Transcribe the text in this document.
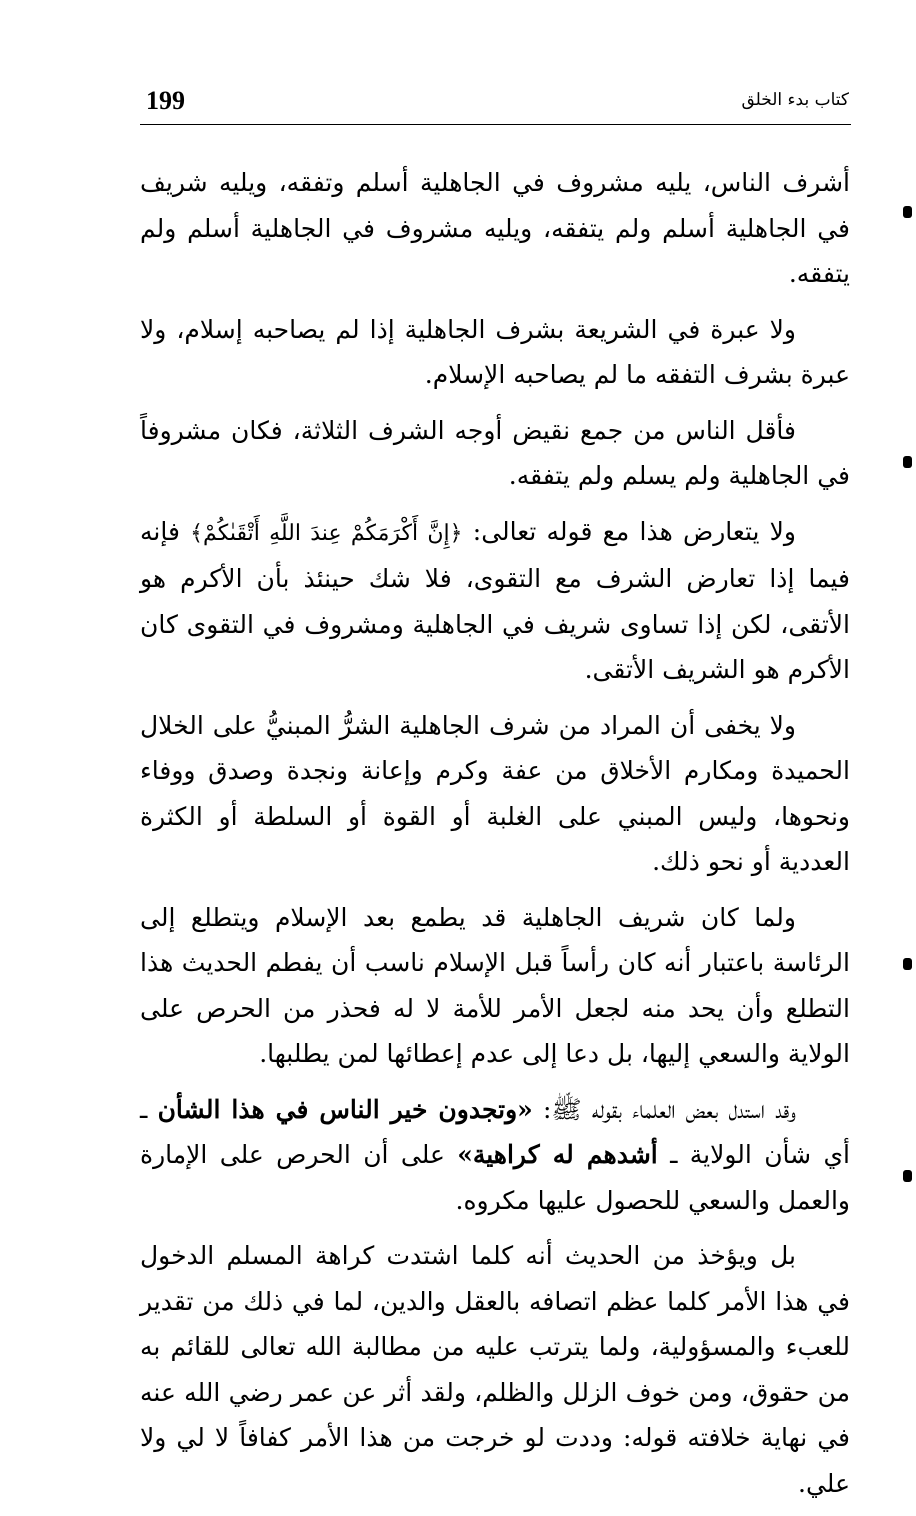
199	كتاب بدء الخلق

أشرف الناس، يليه مشروف في الجاهلية أسلم وتفقه، ويليه شريف في الجاهلية أسلم ولم يتفقه، ويليه مشروف في الجاهلية أسلم ولم يتفقه.

ولا عبرة في الشريعة بشرف الجاهلية إذا لم يصاحبه إسلام، ولا عبرة بشرف التفقه ما لم يصاحبه الإسلام.

فأقل الناس من جمع نقيض أوجه الشرف الثلاثة، فكان مشروفاً في الجاهلية ولم يسلم ولم يتفقه.

ولا يتعارض هذا مع قوله تعالى: ﴿إِنَّ أَكْرَمَكُمْ عِندَ اللَّهِ أَتْقَىٰكُمْ﴾ فإنه فيما إذا تعارض الشرف مع التقوى، فلا شك حينئذ بأن الأكرم هو الأتقى، لكن إذا تساوى شريف في الجاهلية ومشروف في التقوى كان الأكرم هو الشريف الأتقى.

ولا يخفى أن المراد من شرف الجاهلية الشرُّ المبنيُّ على الخلال الحميدة ومكارم الأخلاق من عفة وكرم وإعانة ونجدة وصدق ووفاء ونحوها، وليس المبني على الغلبة أو القوة أو السلطة أو الكثرة العددية أو نحو ذلك.

ولما كان شريف الجاهلية قد يطمع بعد الإسلام ويتطلع إلى الرئاسة باعتبار أنه كان رأساً قبل الإسلام ناسب أن يفطم الحديث هذا التطلع وأن يحد منه لجعل الأمر للأمة لا له فحذر من الحرص على الولاية والسعي إليها، بل دعا إلى عدم إعطائها لمن يطلبها.

وقد استدل بعض العلماء بقوله ﷺ: «وتجدون خير الناس في هذا الشأن ـ أي شأن الولاية ـ أشدهم له كراهية» على أن الحرص على الإمارة والعمل والسعي للحصول عليها مكروه.

بل ويؤخذ من الحديث أنه كلما اشتدت كراهة المسلم الدخول في هذا الأمر كلما عظم اتصافه بالعقل والدين، لما في ذلك من تقدير للعبء والمسؤولية، ولما يترتب عليه من مطالبة الله تعالى للقائم به من حقوق، ومن خوف الزلل والظلم، ولقد أثر عن عمر رضي الله عنه في نهاية خلافته قوله: وددت لو خرجت من هذا الأمر كفافاً لا لي ولا علي.
